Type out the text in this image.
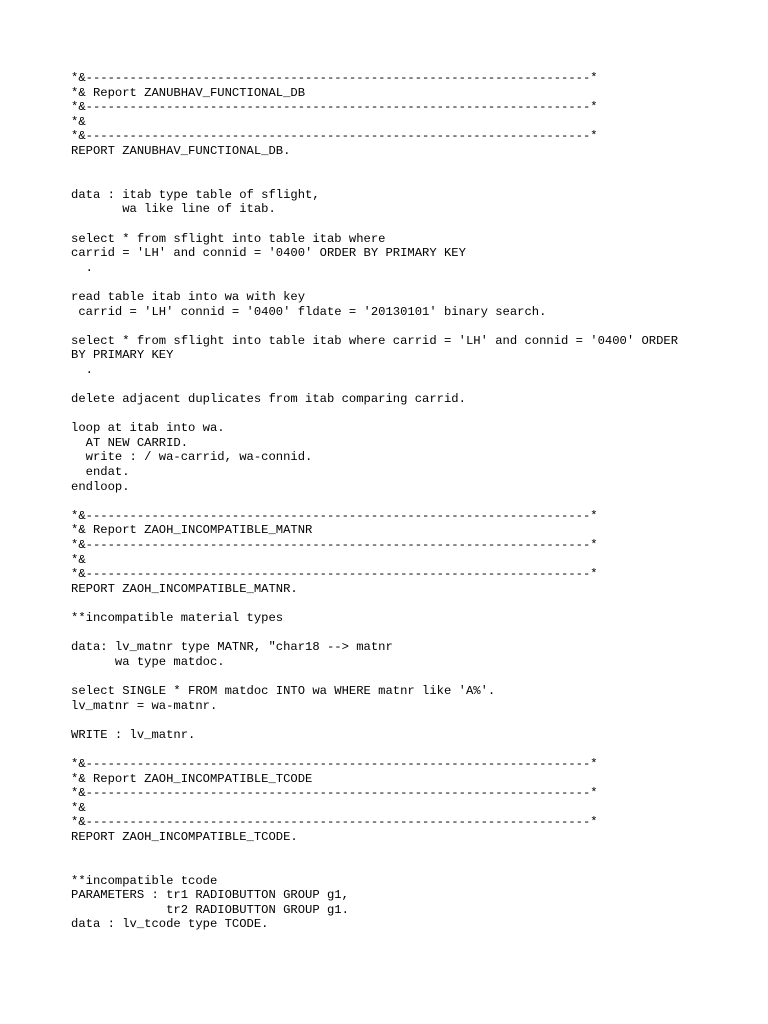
*&---------------------------------------------------------------------*
*& Report ZANUBHAV_FUNCTIONAL_DB
*&---------------------------------------------------------------------*
*&
*&---------------------------------------------------------------------*
REPORT ZANUBHAV_FUNCTIONAL_DB.
data : itab type table of sflight,
wa like line of itab.
select * from sflight into table itab where
carrid = 'LH' and connid = '0400' ORDER BY PRIMARY KEY
.
read table itab into wa with key
carrid = 'LH' connid = '0400' fldate = '20130101' binary search.
select * from sflight into table itab where carrid = 'LH' and connid = '0400' ORDER
BY PRIMARY KEY
.
delete adjacent duplicates from itab comparing carrid.
loop at itab into wa.
AT NEW CARRID.
write : / wa-carrid, wa-connid.
endat.
endloop.
*&---------------------------------------------------------------------*
*& Report ZAOH_INCOMPATIBLE_MATNR
*&---------------------------------------------------------------------*
*&
*&---------------------------------------------------------------------*
REPORT ZAOH_INCOMPATIBLE_MATNR.
**incompatible material types
data: lv_matnr type MATNR, "char18 --> matnr
wa type matdoc.
select SINGLE * FROM matdoc INTO wa WHERE matnr like 'A%'.
lv_matnr = wa-matnr.
WRITE : lv_matnr.
*&---------------------------------------------------------------------*
*& Report ZAOH_INCOMPATIBLE_TCODE
*&---------------------------------------------------------------------*
*&
*&---------------------------------------------------------------------*
REPORT ZAOH_INCOMPATIBLE_TCODE.
**incompatible tcode
PARAMETERS : tr1 RADIOBUTTON GROUP g1,
tr2 RADIOBUTTON GROUP g1.
data : lv_tcode type TCODE.
